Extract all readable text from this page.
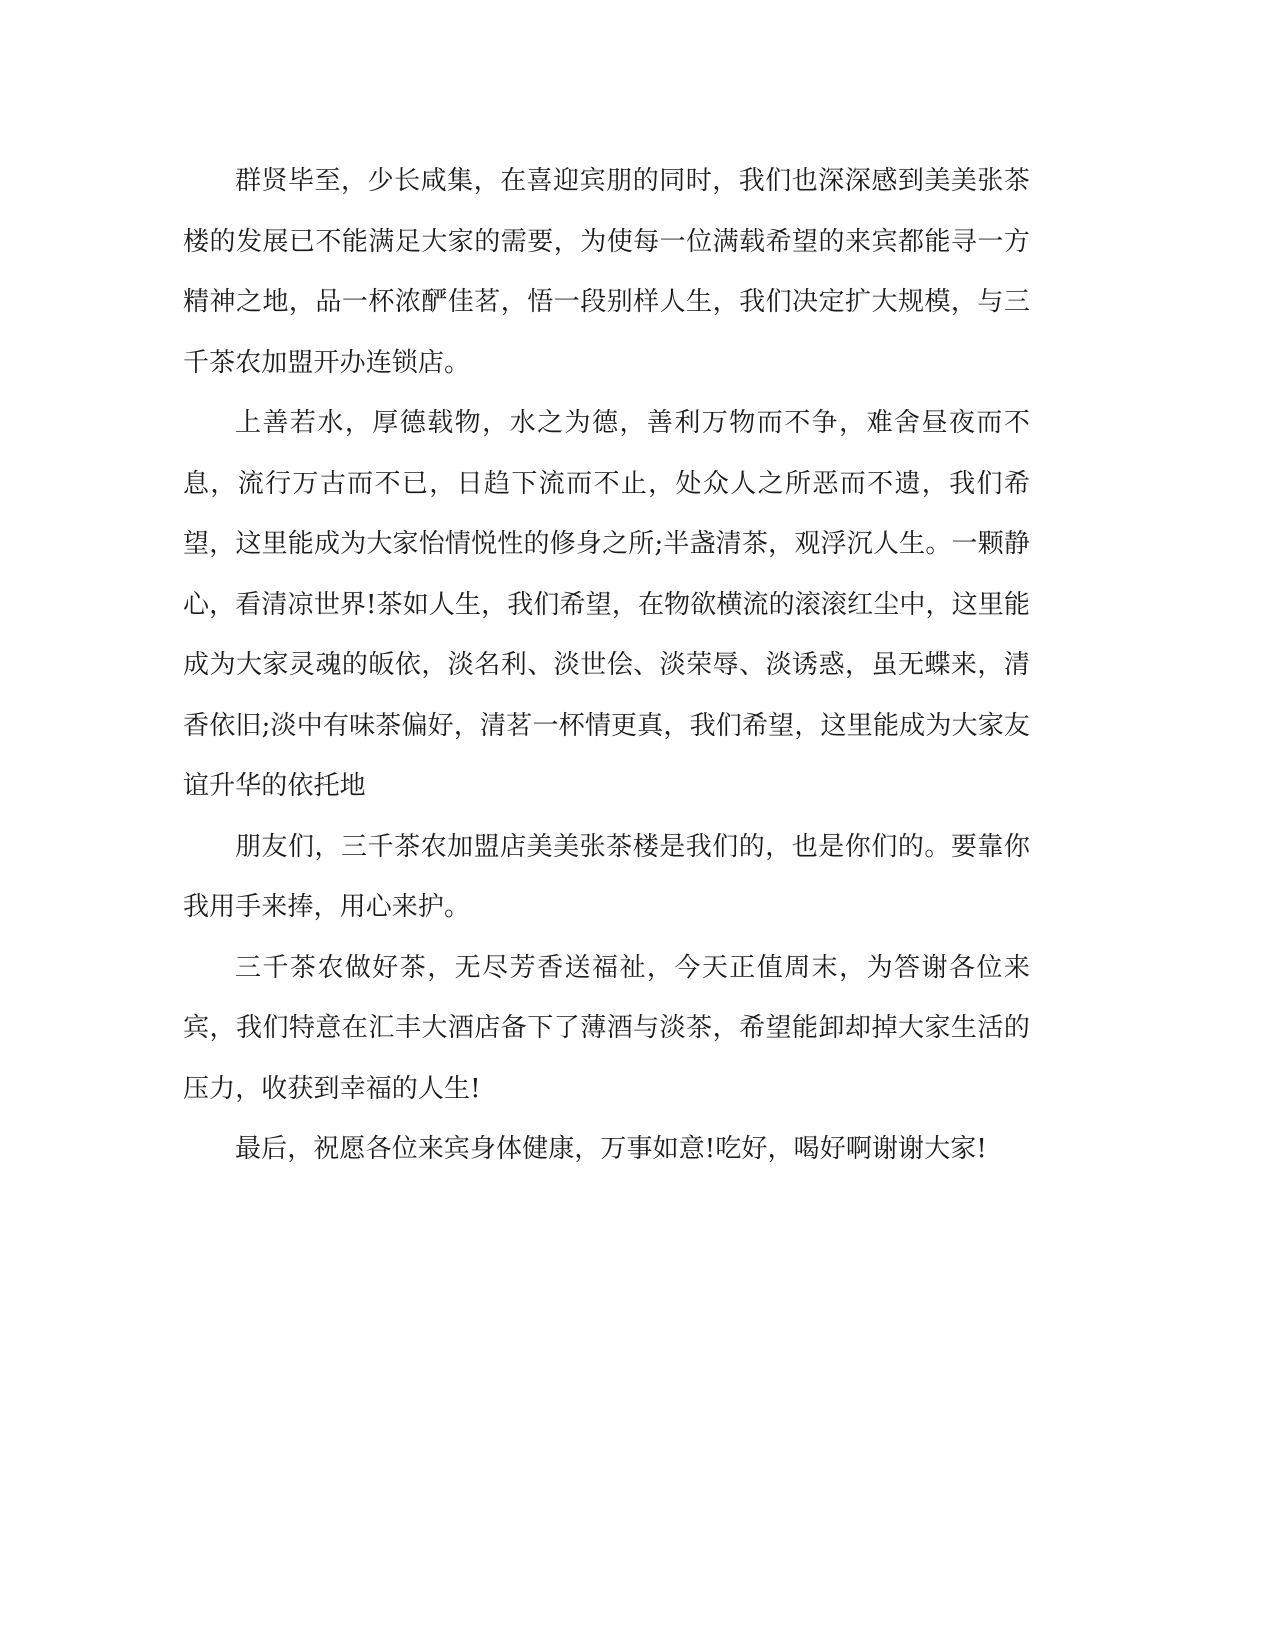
群贤毕至，少长咸集，在喜迎宾朋的同时，我们也深深感到美美张茶楼的发展已不能满足大家的需要，为使每一位满载希望的来宾都能寻一方精神之地，品一杯浓酽佳茗，悟一段别样人生，我们决定扩大规模，与三千茶农加盟开办连锁店。

上善若水，厚德载物，水之为德，善利万物而不争，难舍昼夜而不息，流行万古而不已，日趋下流而不止，处众人之所恶而不遗，我们希望，这里能成为大家怡情悦性的修身之所;半盏清茶，观浮沉人生。一颗静心，看清凉世界!茶如人生，我们希望，在物欲横流的滚滚红尘中，这里能成为大家灵魂的皈依，淡名利、淡世侩、淡荣辱、淡诱惑，虽无蝶来，清香依旧;淡中有味茶偏好，清茗一杯情更真，我们希望，这里能成为大家友谊升华的依托地

朋友们，三千茶农加盟店美美张茶楼是我们的，也是你们的。要靠你我用手来捧，用心来护。

三千茶农做好茶，无尽芳香送福祉，今天正值周末，为答谢各位来宾，我们特意在汇丰大酒店备下了薄酒与淡茶，希望能卸却掉大家生活的压力，收获到幸福的人生!

最后，祝愿各位来宾身体健康，万事如意!吃好，喝好啊谢谢大家!
